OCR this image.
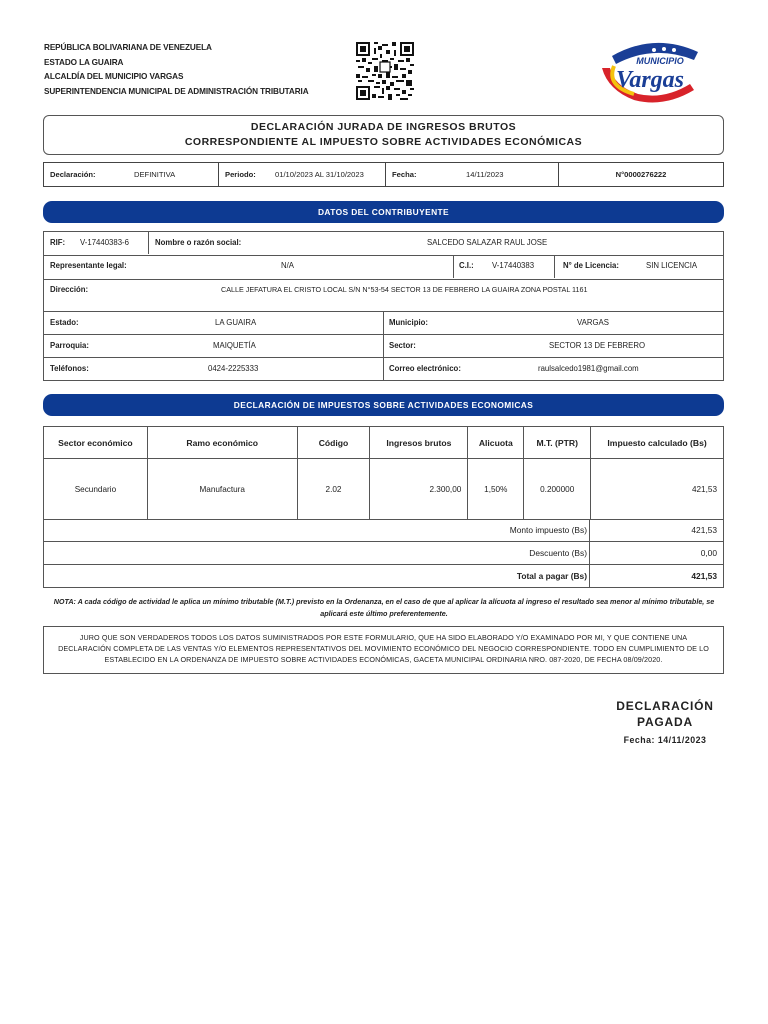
REPÚBLICA BOLIVARIANA DE VENEZUELA
ESTADO LA GUAIRA
ALCALDÍA DEL MUNICIPIO VARGAS
SUPERINTENDENCIA MUNICIPAL DE ADMINISTRACIÓN TRIBUTARIA
MUNICIPIO
Vargas
DECLARACIÓN JURADA DE INGRESOS BRUTOS
CORRESPONDIENTE AL IMPUESTO SOBRE ACTIVIDADES ECONÓMICAS
Declaración:	DEFINITIVA	Periodo:	01/10/2023 AL 31/10/2023	Fecha:	14/11/2023	N°0000276222
DATOS DEL CONTRIBUYENTE
RIF: V-17440383-6	Nombre o razón social:	SALCEDO SALAZAR RAUL JOSE
Representante legal:	N/A	C.I.: V-17440383	N° de Licencia:	SIN LICENCIA
Dirección:	CALLE JEFATURA EL CRISTO LOCAL S/N N°53-54 SECTOR 13 DE FEBRERO LA GUAIRA ZONA POSTAL 1161
Estado:	LA GUAIRA	Municipio:	VARGAS
Parroquia:	MAIQUETÍA	Sector:	SECTOR 13 DE FEBRERO
Teléfonos:	0424-2225333	Correo electrónico:	raulsalcedo1981@gmail.com
DECLARACIÓN DE IMPUESTOS SOBRE ACTIVIDADES ECONOMICAS
Sector económico	Ramo económico	Código	Ingresos brutos	Alicuota	M.T. (PTR)	Impuesto calculado (Bs)
Secundario	Manufactura	2.02	2.300,00	1,50%	0.200000	421,53
Monto impuesto (Bs)	421,53
Descuento (Bs)	0,00
Total a pagar (Bs)	421,53
NOTA: A cada código de actividad le aplica un mínimo tributable (M.T.) previsto en la Ordenanza, en el caso de que al aplicar la alícuota al ingreso el resultado sea menor al mínimo tributable, se aplicará este último preferentemente.
JURO QUE SON VERDADEROS TODOS LOS DATOS SUMINISTRADOS POR ESTE FORMULARIO, QUE HA SIDO ELABORADO Y/O EXAMINADO POR MI, Y QUE CONTIENE UNA DECLARACIÓN COMPLETA DE LAS VENTAS Y/O ELEMENTOS REPRESENTATIVOS DEL MOVIMIENTO ECONÓMICO DEL NEGOCIO CORRESPONDIENTE. TODO EN CUMPLIMIENTO DE LO ESTABLECIDO EN LA ORDENANZA DE IMPUESTO SOBRE ACTIVIDADES ECONÓMICAS, GACETA MUNICIPAL ORDINARIA NRO. 087-2020, DE FECHA 08/09/2020.
DECLARACIÓN
PAGADA
Fecha: 14/11/2023
